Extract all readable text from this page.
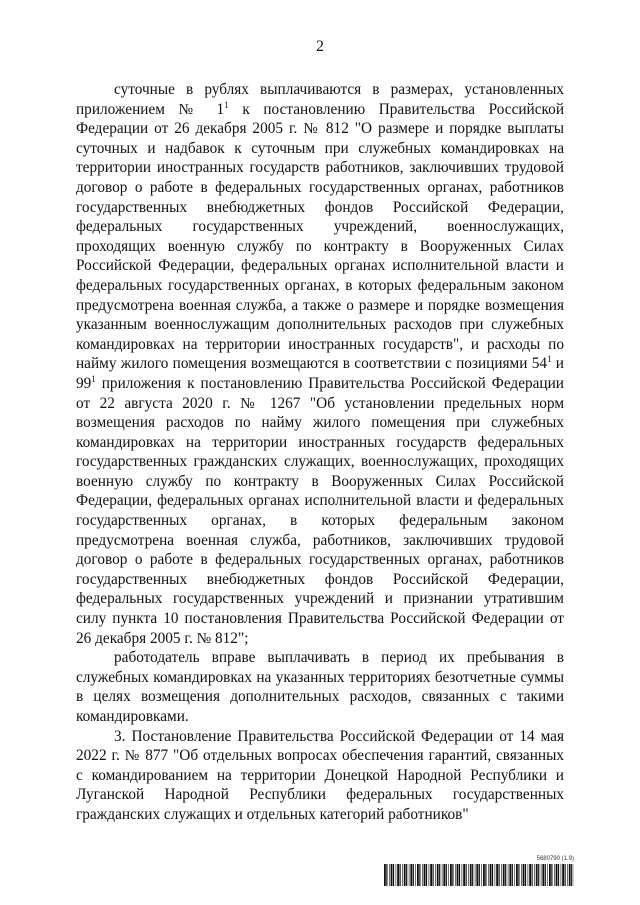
2

суточные в рублях выплачиваются в размерах, установленных приложением № $1^1$ к постановлению Правительства Российской Федерации от 26 декабря 2005 г. № 812 "О размере и порядке выплаты суточных и надбавок к суточным при служебных командировках на территории иностранных государств работников, заключивших трудовой договор о работе в федеральных государственных органах, работников государственных внебюджетных фондов Российской Федерации, федеральных государственных учреждений, военнослужащих, проходящих военную службу по контракту в Вооруженных Силах Российской Федерации, федеральных органах исполнительной власти и федеральных государственных органах, в которых федеральным законом предусмотрена военная служба, а также о размере и порядке возмещения указанным военнослужащим дополнительных расходов при служебных командировках на территории иностранных государств", и расходы по найму жилого помещения возмещаются в соответствии с позициями $54^1$ и $99^1$ приложения к постановлению Правительства Российской Федерации от 22 августа 2020 г. № 1267 "Об установлении предельных норм возмещения расходов по найму жилого помещения при служебных командировках на территории иностранных государств федеральных государственных гражданских служащих, военнослужащих, проходящих военную службу по контракту в Вооруженных Силах Российской Федерации, федеральных органах исполнительной власти и федеральных государственных органах, в которых федеральным законом предусмотрена военная служба, работников, заключивших трудовой договор о работе в федеральных государственных органах, работников государственных внебюджетных фондов Российской Федерации, федеральных государственных учреждений и признании утратившим силу пункта 10 постановления Правительства Российской Федерации от 26 декабря 2005 г. № 812";

работодатель вправе выплачивать в период их пребывания в служебных командировках на указанных территориях безотчетные суммы в целях возмещения дополнительных расходов, связанных с такими командировками.

3. Постановление Правительства Российской Федерации от 14 мая 2022 г. № 877 "Об отдельных вопросах обеспечения гарантий, связанных с командированием на территории Донецкой Народной Республики и Луганской Народной Республики федеральных государственных гражданских служащих и отдельных категорий работников"

5680790 (1.9)
